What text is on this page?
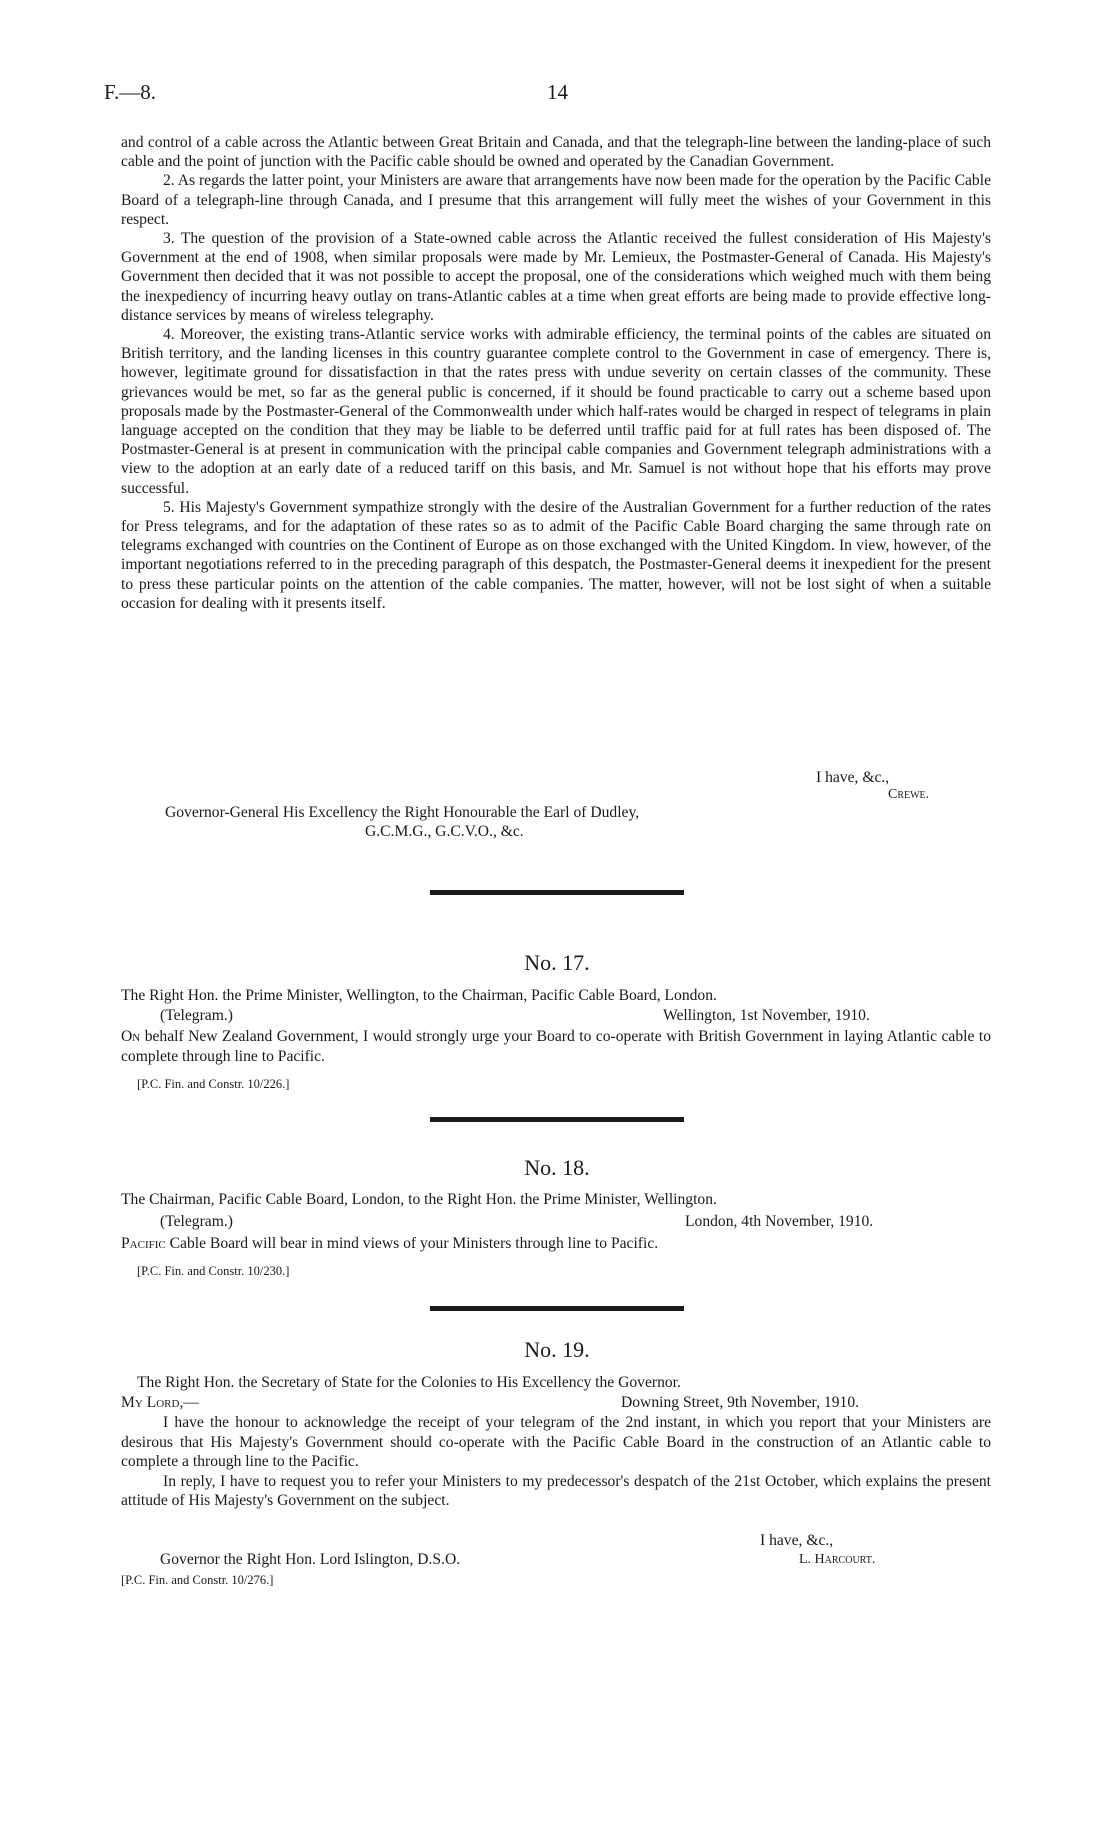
F.—8.	14

and control of a cable across the Atlantic between Great Britain and Canada, and that the telegraph-line between the landing-place of such cable and the point of junction with the Pacific cable should be owned and operated by the Canadian Government.

2. As regards the latter point, your Ministers are aware that arrangements have now been made for the operation by the Pacific Cable Board of a telegraph-line through Canada, and I presume that this arrangement will fully meet the wishes of your Government in this respect.

3. The question of the provision of a State-owned cable across the Atlantic received the fullest consideration of His Majesty's Government at the end of 1908, when similar proposals were made by Mr. Lemieux, the Postmaster-General of Canada. His Majesty's Government then decided that it was not possible to accept the proposal, one of the considerations which weighed much with them being the inexpediency of incurring heavy outlay on trans-Atlantic cables at a time when great efforts are being made to provide effective long-distance services by means of wireless telegraphy.

4. Moreover, the existing trans-Atlantic service works with admirable efficiency, the terminal points of the cables are situated on British territory, and the landing licenses in this country guarantee complete control to the Government in case of emergency. There is, however, legitimate ground for dissatisfaction in that the rates press with undue severity on certain classes of the community. These grievances would be met, so far as the general public is concerned, if it should be found practicable to carry out a scheme based upon proposals made by the Postmaster-General of the Commonwealth under which half-rates would be charged in respect of telegrams in plain language accepted on the condition that they may be liable to be deferred until traffic paid for at full rates has been disposed of. The Postmaster-General is at present in communication with the principal cable companies and Government telegraph administrations with a view to the adoption at an early date of a reduced tariff on this basis, and Mr. Samuel is not without hope that his efforts may prove successful.

5. His Majesty's Government sympathize strongly with the desire of the Australian Government for a further reduction of the rates for Press telegrams, and for the adaptation of these rates so as to admit of the Pacific Cable Board charging the same through rate on telegrams exchanged with countries on the Continent of Europe as on those exchanged with the United Kingdom. In view, however, of the important negotiations referred to in the preceding paragraph of this despatch, the Postmaster-General deems it inexpedient for the present to press these particular points on the attention of the cable companies. The matter, however, will not be lost sight of when a suitable occasion for dealing with it presents itself.

I have, &c.,
Crewe.
Governor-General His Excellency the Right Honourable the Earl of Dudley,
G.C.M.G., G.C.V.O., &c.
No. 17.
The Right Hon. the Prime Minister, Wellington, to the Chairman, Pacific Cable Board, London.
(Telegram.)	Wellington, 1st November, 1910.

On behalf New Zealand Government, I would strongly urge your Board to co-operate with British Government in laying Atlantic cable to complete through line to Pacific.

[P.C. Fin. and Constr. 10/226.]
No. 18.
The Chairman, Pacific Cable Board, London, to the Right Hon. the Prime Minister, Wellington.
(Telegram.)	London, 4th November, 1910.

Pacific Cable Board will bear in mind views of your Ministers through line to Pacific.

[P.C. Fin. and Constr. 10/230.]
No. 19.
The Right Hon. the Secretary of State for the Colonies to His Excellency the Governor.
My Lord,—	Downing Street, 9th November, 1910.

I have the honour to acknowledge the receipt of your telegram of the 2nd instant, in which you report that your Ministers are desirous that His Majesty's Government should co-operate with the Pacific Cable Board in the construction of an Atlantic cable to complete a through line to the Pacific.

In reply, I have to request you to refer your Ministers to my predecessor's despatch of the 21st October, which explains the present attitude of His Majesty's Government on the subject.

I have, &c.,
Governor the Right Hon. Lord Islington, D.S.O.	L. Harcourt.
[P.C. Fin. and Constr. 10/276.]
